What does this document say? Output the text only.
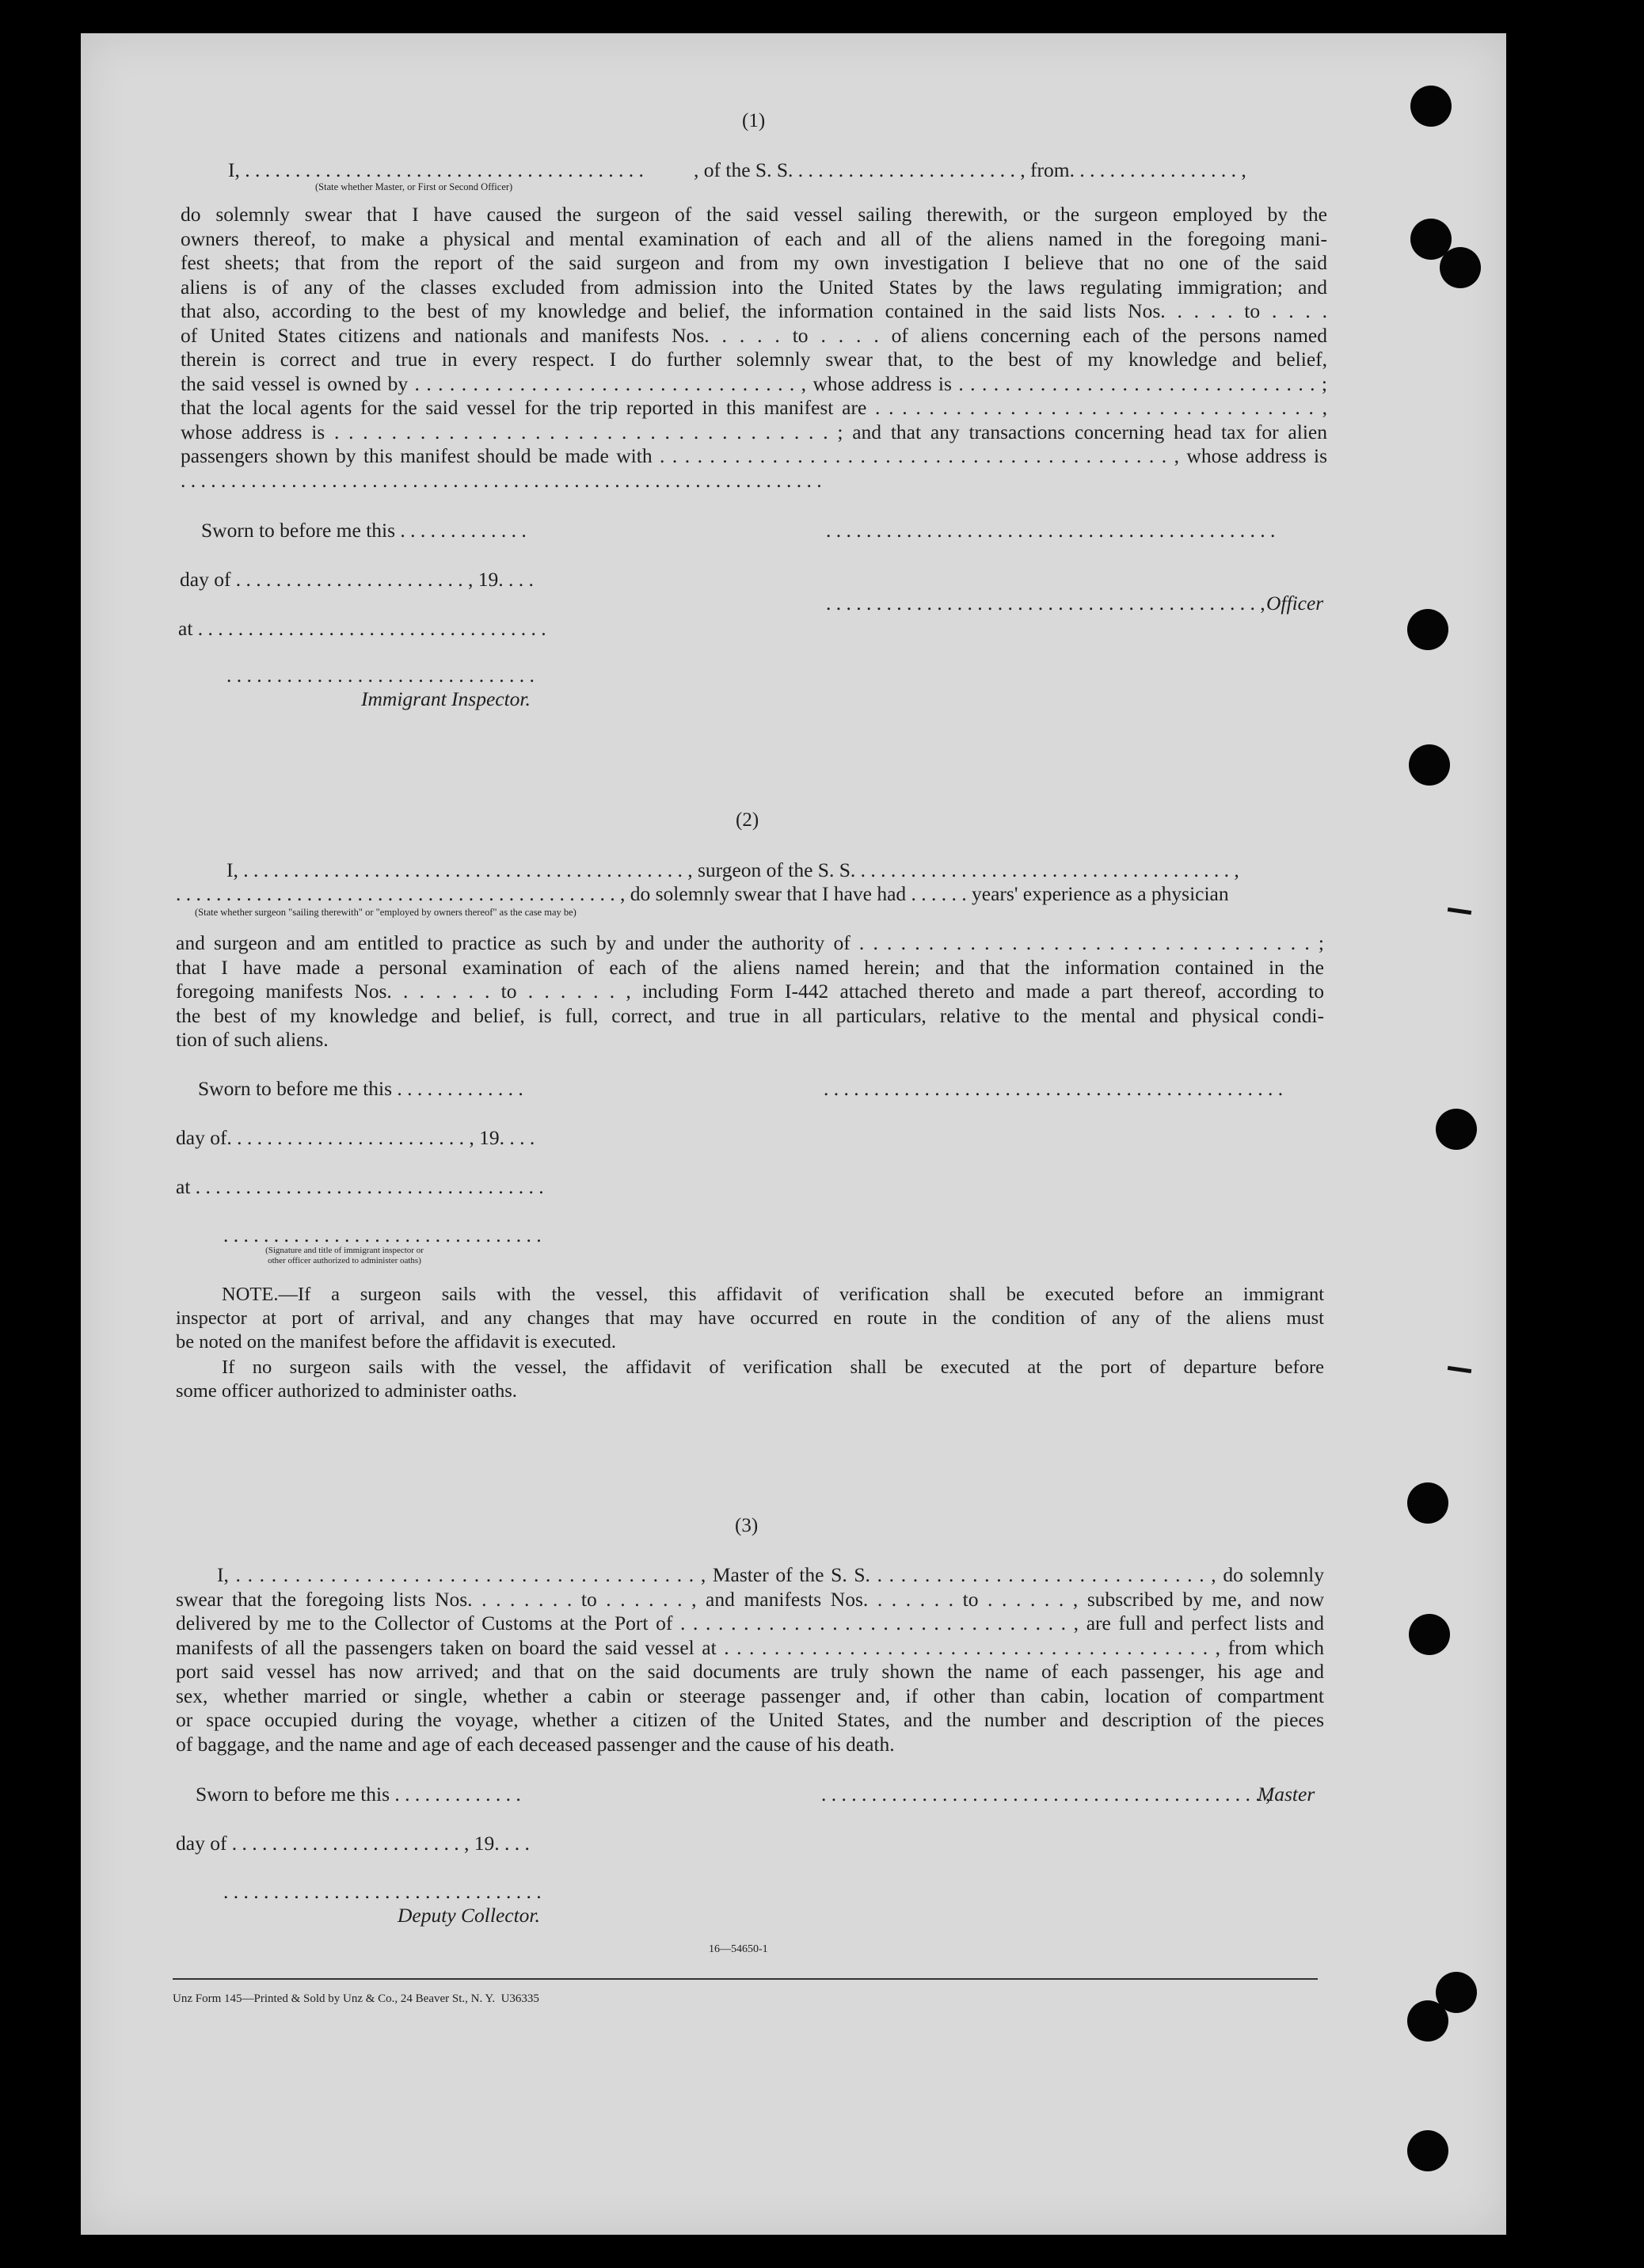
(1)
I, . . . . . . . . . . . . . . . . . . . . . . . . . . . . . . . . . . . . . . . . , of the S. S. . . . . . . . . . . . . . . . . . . . . . . , from. . . . . . . . . . . . . . . . . ,
(State whether Master, or First or Second Officer)
do solemnly swear that I have caused the surgeon of the said vessel sailing therewith, or the surgeon employed by the
owners thereof, to make a physical and mental examination of each and all of the aliens named in the foregoing mani-
fest sheets; that from the report of the said surgeon and from my own investigation I believe that no one of the said
aliens is of any of the classes excluded from admission into the United States by the laws regulating immigration; and
that also, according to the best of my knowledge and belief, the information contained in the said lists Nos. . . . . to . . . .
of United States citizens and nationals and manifests Nos. . . . . to . . . . of aliens concerning each of the persons named
therein is correct and true in every respect. I do further solemnly swear that, to the best of my knowledge and belief,
the said vessel is owned by . . . . . . . . . . . . . . . . . . . . . . . . . . . . . . . . . , whose address is . . . . . . . . . . . . . . . . . . . . . . . . . . . . . . . ;
that the local agents for the said vessel for the trip reported in this manifest are . . . . . . . . . . . . . . . . . . . . . . . . . . . . . . . . . ,
whose address is . . . . . . . . . . . . . . . . . . . . . . . . . . . . . . . . . . . ; and that any transactions concerning head tax for alien
passengers shown by this manifest should be made with . . . . . . . . . . . . . . . . . . . . . . . . . . . . . . . . . . . . . . . . . , whose address is
. . . . . . . . . . . . . . . . . . . . . . . . . . . . . . . . . . . . . . . . . . . . . . . . . . . . . . . . . . . . . . . .
Sworn to before me this . . . . . . . . . . . . .	. . . . . . . . . . . . . . . . . . . . . . . . . . . . . . . . . . . . . . . . . . . . .
day of . . . . . . . . . . . . . . . . . . . . . . . , 19. . . .
. . . . . . . . . . . . . . . . . . . . . . . . . . . . . . . . . . . . . . . . . . . , Officer
at . . . . . . . . . . . . . . . . . . . . . . . . . . . . . . . . . . .
. . . . . . . . . . . . . . . . . . . . . . . . . . . . . . .
Immigrant Inspector.
(2)
I, . . . . . . . . . . . . . . . . . . . . . . . . . . . . . . . . . . . . . . . . . . . . , surgeon of the S. S. . . . . . . . . . . . . . . . . . . . . . . . . . . . . . . . . . . . . . ,
. . . . . . . . . . . . . . . . . . . . . . . . . . . . . . . . . . . . . . . . . . . . , do solemnly swear that I have had . . . . . . years' experience as a physician
(State whether surgeon "sailing therewith" or "employed by owners thereof" as the case may be)
and surgeon and am entitled to practice as such by and under the authority of . . . . . . . . . . . . . . . . . . . . . . . . . . . . . . . . . ;
that I have made a personal examination of each of the aliens named herein; and that the information contained in the
foregoing manifests Nos. . . . . . . to . . . . . . , including Form I-442 attached thereto and made a part thereof, according to
the best of my knowledge and belief, is full, correct, and true in all particulars, relative to the mental and physical condi-
tion of such aliens.
Sworn to before me this . . . . . . . . . . . . .	. . . . . . . . . . . . . . . . . . . . . . . . . . . . . . . . . . . . . . . . . . . . . .
day of. . . . . . . . . . . . . . . . . . . . . . . . , 19. . . .
at . . . . . . . . . . . . . . . . . . . . . . . . . . . . . . . . . . .
. . . . . . . . . . . . . . . . . . . . . . . . . . . . . . . .
(Signature and title of immigrant inspector or
other officer authorized to administer oaths)
NOTE.—If a surgeon sails with the vessel, this affidavit of verification shall be executed before an immigrant
inspector at port of arrival, and any changes that may have occurred en route in the condition of any of the aliens must
be noted on the manifest before the affidavit is executed.
If no surgeon sails with the vessel, the affidavit of verification shall be executed at the port of departure before
some officer authorized to administer oaths.
(3)
I, . . . . . . . . . . . . . . . . . . . . . . . . . . . . . . . . . . . . . . . , Master of the S. S. . . . . . . . . . . . . . . . . . . . . . . . . . . . . , do solemnly
swear that the foregoing lists Nos. . . . . . . . to . . . . . . , and manifests Nos. . . . . . . to . . . . . . , subscribed by me, and now
delivered by me to the Collector of Customs at the Port of . . . . . . . . . . . . . . . . . . . . . . . . . . . . . . . , are full and perfect lists and
manifests of all the passengers taken on board the said vessel at . . . . . . . . . . . . . . . . . . . . . . . . . . . . . . . . . . . . . . . , from which
port said vessel has now arrived; and that on the said documents are truly shown the name of each passenger, his age and
sex, whether married or single, whether a cabin or steerage passenger and, if other than cabin, location of compartment
or space occupied during the voyage, whether a citizen of the United States, and the number and description of the pieces
of baggage, and the name and age of each deceased passenger and the cause of his death.
Sworn to before me this . . . . . . . . . . . . .	. . . . . . . . . . . . . . . . . . . . . . . . . . . . . . . . . . . . . . . . . . . . ,
Master
day of . . . . . . . . . . . . . . . . . . . . . . . , 19. . . .
. . . . . . . . . . . . . . . . . . . . . . . . . . . . . . . .
Deputy Collector.
16—54650-1
Unz Form 145—Printed & Sold by Unz & Co., 24 Beaver St., N. Y.  U36335
